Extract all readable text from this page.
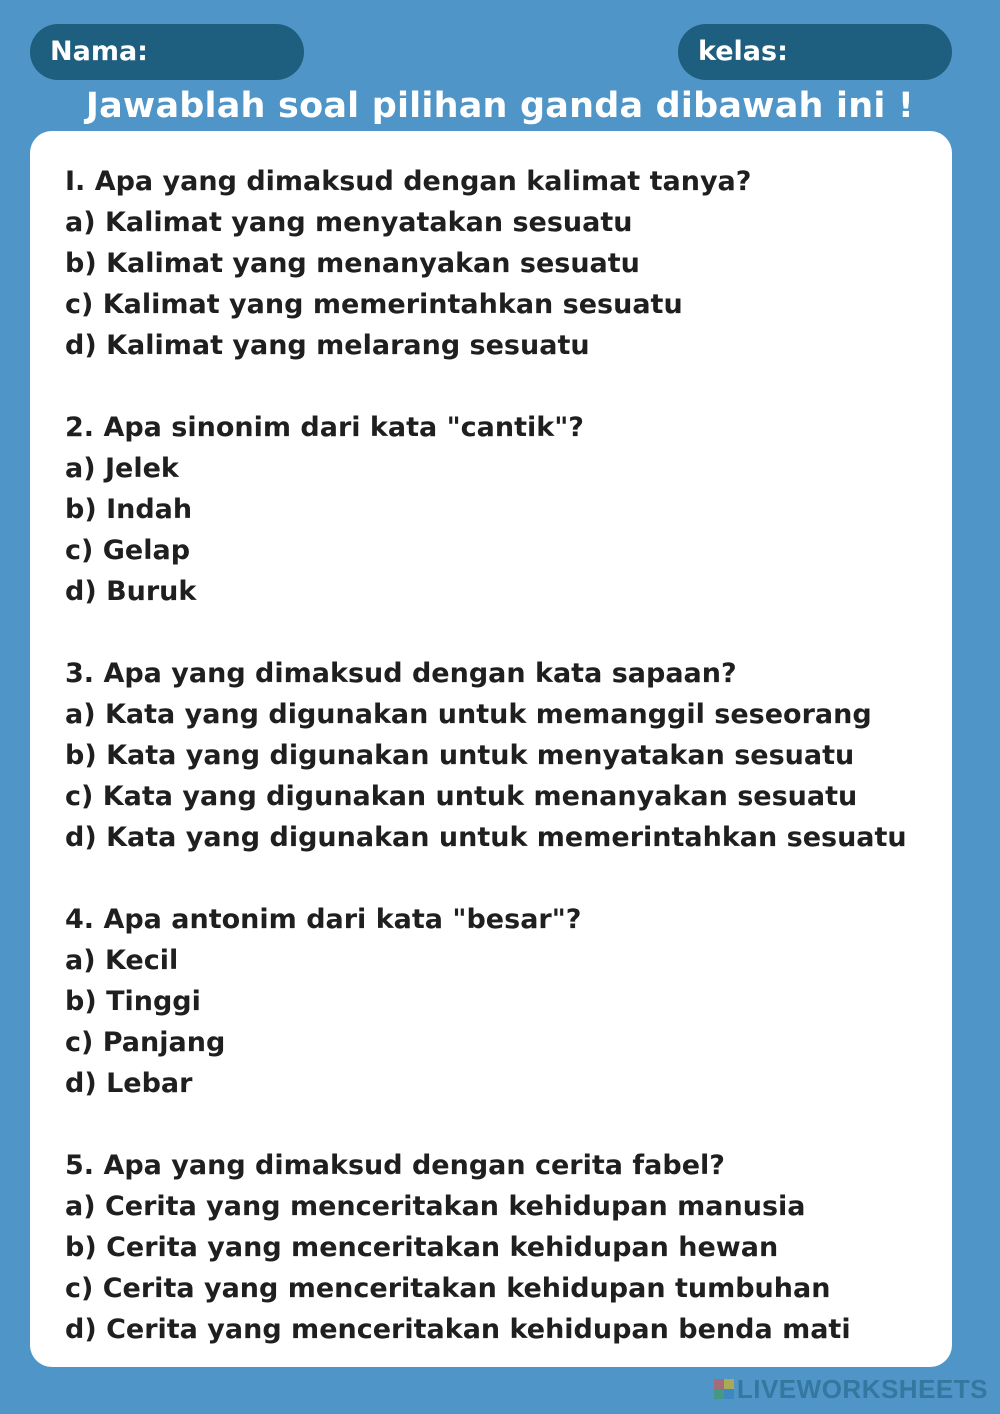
Nama:	kelas:
Jawablah soal pilihan ganda dibawah ini !
I. Apa yang dimaksud dengan kalimat tanya?
a) Kalimat yang menyatakan sesuatu
b) Kalimat yang menanyakan sesuatu
c) Kalimat yang memerintahkan sesuatu
d) Kalimat yang melarang sesuatu
2. Apa sinonim dari kata "cantik"?
a) Jelek
b) Indah
c) Gelap
d) Buruk
3. Apa yang dimaksud dengan kata sapaan?
a) Kata yang digunakan untuk memanggil seseorang
b) Kata yang digunakan untuk menyatakan sesuatu
c) Kata yang digunakan untuk menanyakan sesuatu
d) Kata yang digunakan untuk memerintahkan sesuatu
4. Apa antonim dari kata "besar"?
a) Kecil
b) Tinggi
c) Panjang
d) Lebar
5. Apa yang dimaksud dengan cerita fabel?
a) Cerita yang menceritakan kehidupan manusia
b) Cerita yang menceritakan kehidupan hewan
c) Cerita yang menceritakan kehidupan tumbuhan
d) Cerita yang menceritakan kehidupan benda mati
LIVEWORKSHEETS
